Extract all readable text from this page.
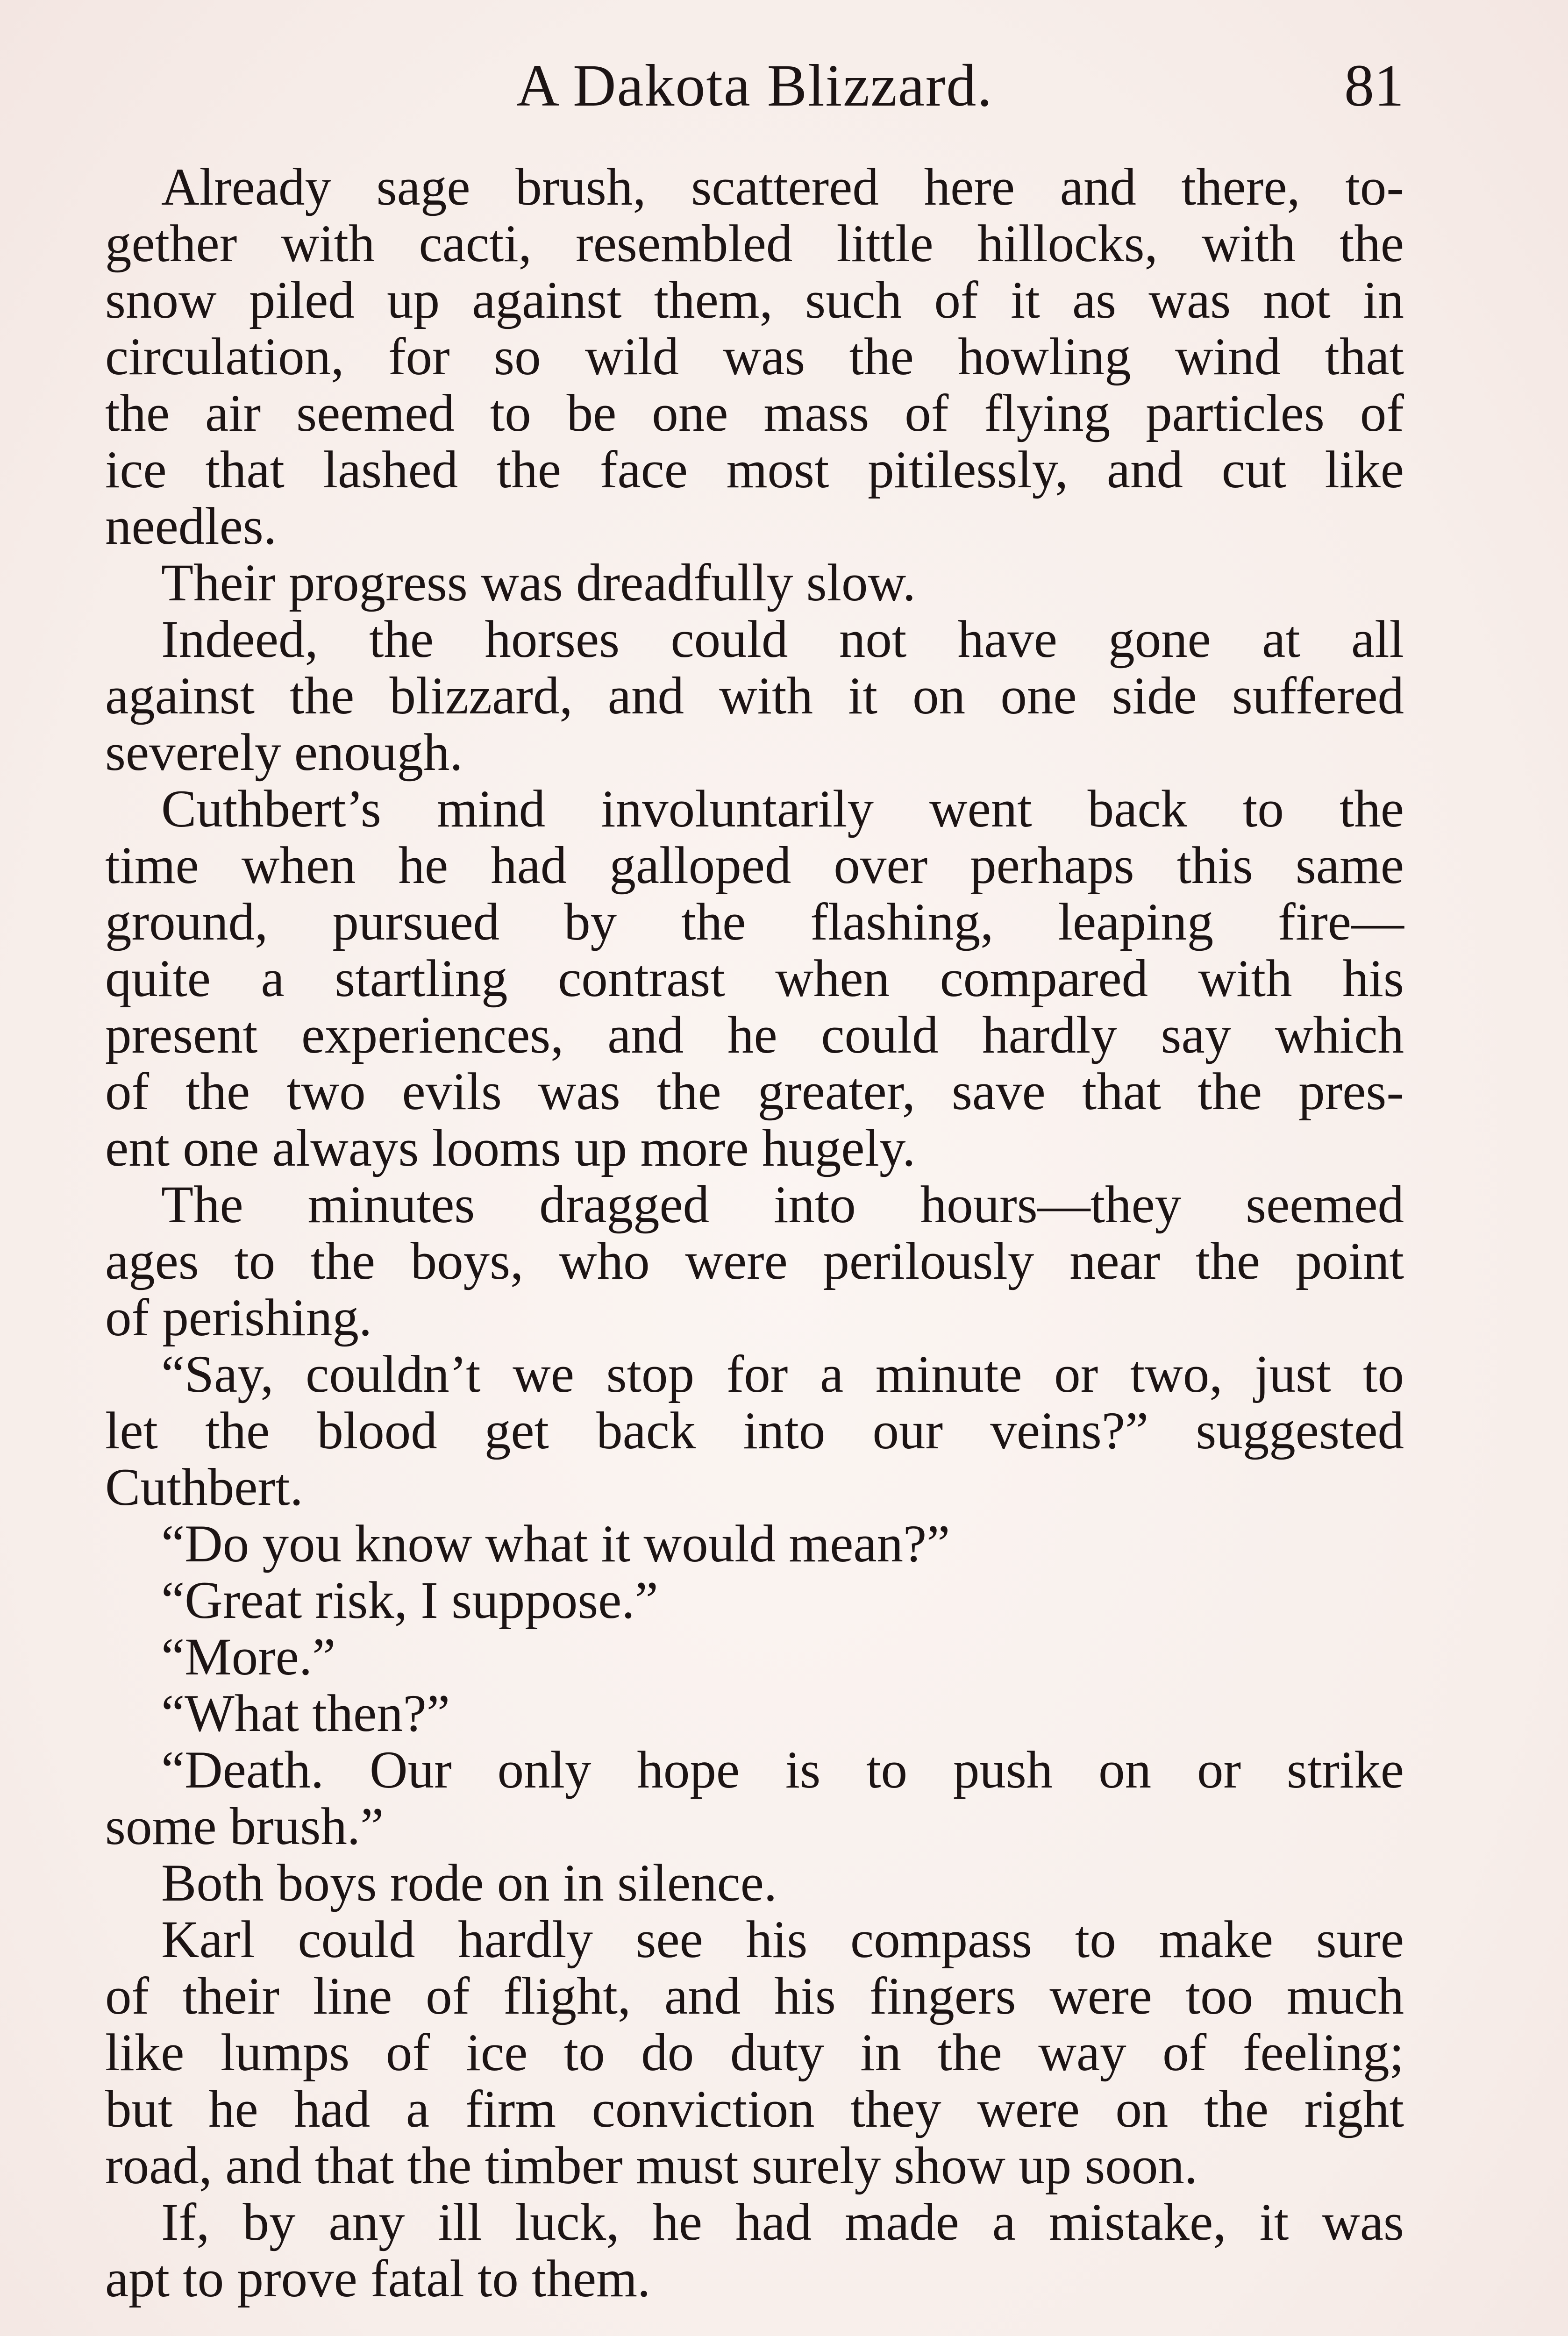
A Dakota Blizzard.	81

Already sage brush, scattered here and there, to-
gether with cacti, resembled little hillocks, with the
snow piled up against them, such of it as was not in
circulation, for so wild was the howling wind that
the air seemed to be one mass of flying particles of
ice that lashed the face most pitilessly, and cut like
needles.

Their progress was dreadfully slow.

Indeed, the horses could not have gone at all
against the blizzard, and with it on one side suffered
severely enough.

Cuthbert’s mind involuntarily went back to the
time when he had galloped over perhaps this same
ground, pursued by the flashing, leaping fire—
quite a startling contrast when compared with his
present experiences, and he could hardly say which
of the two evils was the greater, save that the pres-
ent one always looms up more hugely.

The minutes dragged into hours—they seemed
ages to the boys, who were perilously near the point
of perishing.

“Say, couldn’t we stop for a minute or two, just to
let the blood get back into our veins?” suggested
Cuthbert.

“Do you know what it would mean?”

“Great risk, I suppose.”

“More.”

“What then?”

“Death. Our only hope is to push on or strike
some brush.”

Both boys rode on in silence.

Karl could hardly see his compass to make sure
of their line of flight, and his fingers were too much
like lumps of ice to do duty in the way of feeling;
but he had a firm conviction they were on the right
road, and that the timber must surely show up soon.

If, by any ill luck, he had made a mistake, it was
apt to prove fatal to them.
